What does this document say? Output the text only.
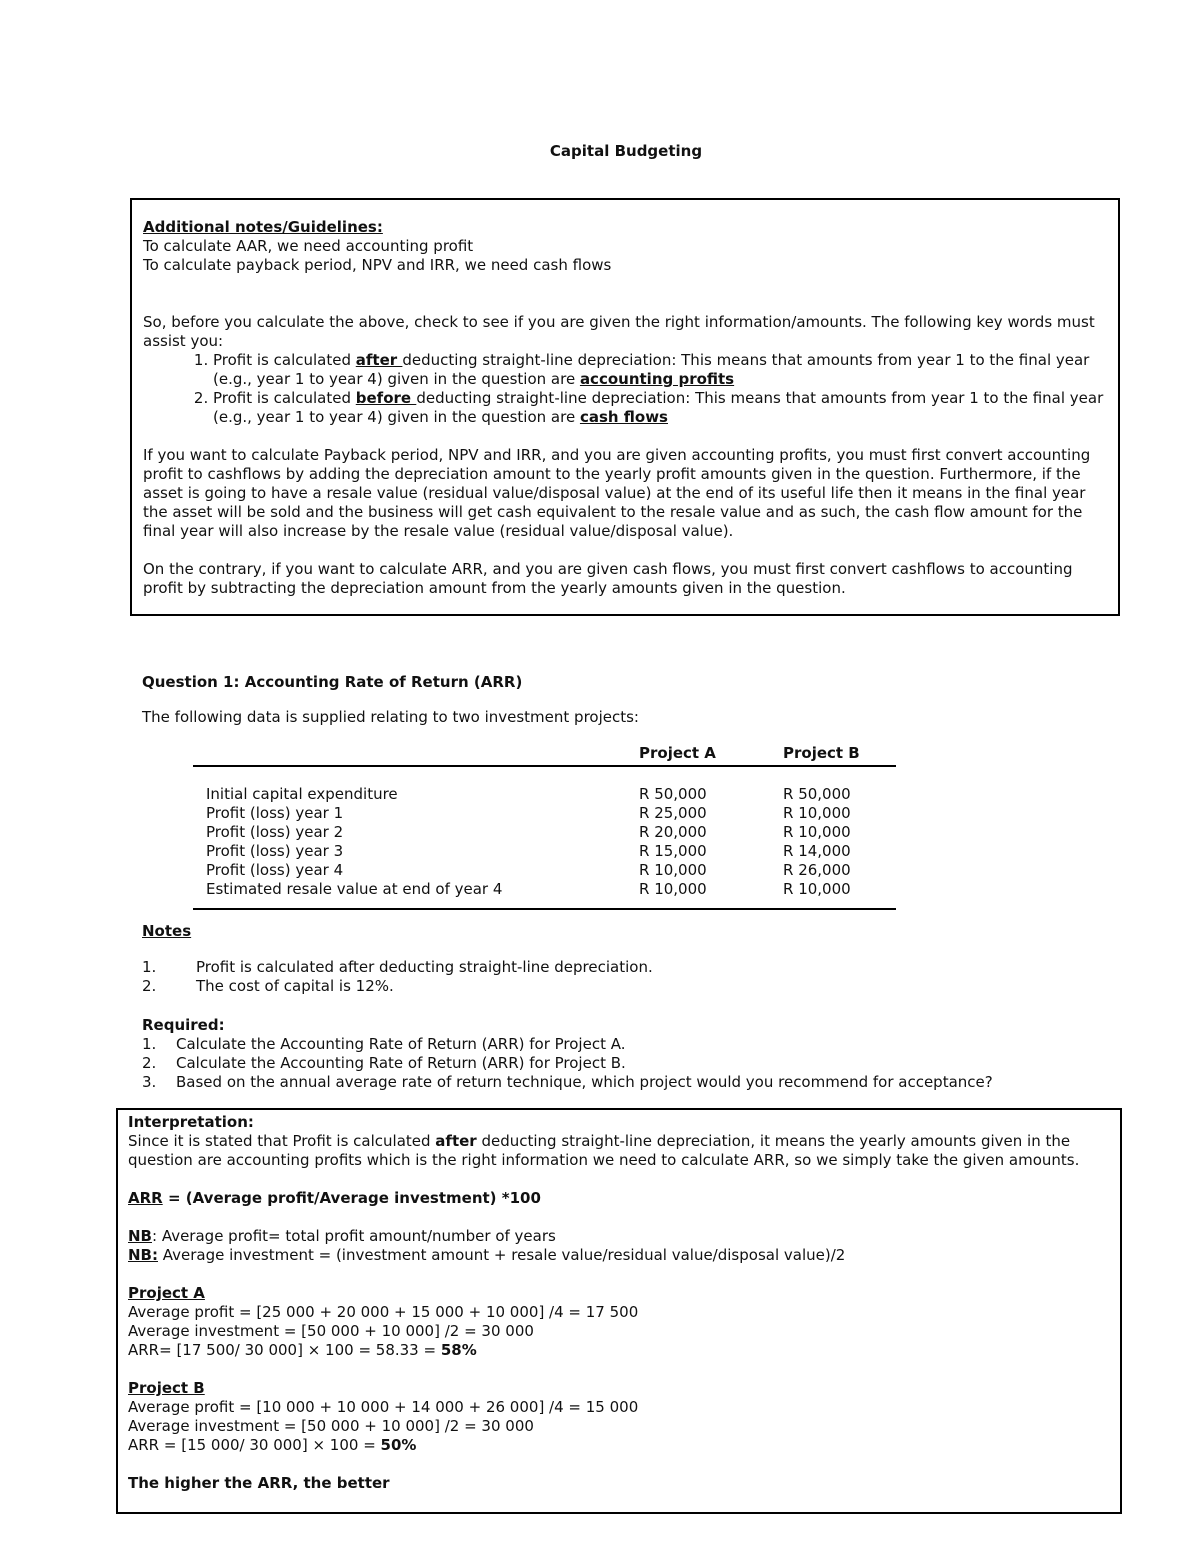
Capital Budgeting

Additional notes/Guidelines:

To calculate AAR, we need accounting profit

To calculate payback period, NPV and IRR, we need cash flows

So, before you calculate the above, check to see if you are given the right information/amounts. The following key words must assist you:

1. Profit is calculated after deducting straight-line depreciation: This means that amounts from year 1 to the final year (e.g., year 1 to year 4) given in the question are accounting profits
2. Profit is calculated before deducting straight-line depreciation: This means that amounts from year 1 to the final year (e.g., year 1 to year 4) given in the question are cash flows

If you want to calculate Payback period, NPV and IRR, and you are given accounting profits, you must first convert accounting profit to cashflows by adding the depreciation amount to the yearly profit amounts given in the question. Furthermore, if the asset is going to have a resale value (residual value/disposal value) at the end of its useful life then it means in the final year the asset will be sold and the business will get cash equivalent to the resale value and as such, the cash flow amount for the final year will also increase by the resale value (residual value/disposal value).

On the contrary, if you want to calculate ARR, and you are given cash flows, you must first convert cashflows to accounting profit by subtracting the depreciation amount from the yearly amounts given in the question.

Question 1: Accounting Rate of Return (ARR)
The following data is supplied relating to two investment projects:
	Project A	Project B
Initial capital expenditure	R 50,000	R 50,000
Profit (loss) year 1	R 25,000	R 10,000
Profit (loss) year 2	R 20,000	R 10,000
Profit (loss) year 3	R 15,000	R 14,000
Profit (loss) year 4	R 10,000	R 26,000
Estimated resale value at end of year 4	R 10,000	R 10,000
Notes
1.	Profit is calculated after deducting straight-line depreciation.
2.	The cost of capital is 12%.
Required:
1. Calculate the Accounting Rate of Return (ARR) for Project A.
2. Calculate the Accounting Rate of Return (ARR) for Project B.
3. Based on the annual average rate of return technique, which project would you recommend for acceptance?

Interpretation:

Since it is stated that Profit is calculated after deducting straight-line depreciation, it means the yearly amounts given in the question are accounting profits which is the right information we need to calculate ARR, so we simply take the given amounts.

ARR = (Average profit/Average investment) *100

NB: Average profit= total profit amount/number of years

NB: Average investment = (investment amount + resale value/residual value/disposal value)/2

Project A

Average profit = [25 000 + 20 000 + 15 000 + 10 000] /4 = 17 500

Average investment = [50 000 + 10 000] /2 = 30 000

ARR= [17 500/ 30 000] × 100 = 58.33 = 58%

Project B

Average profit = [10 000 + 10 000 + 14 000 + 26 000] /4 = 15 000

Average investment = [50 000 + 10 000] /2 = 30 000

ARR = [15 000/ 30 000] × 100 = 50%

The higher the ARR, the better
